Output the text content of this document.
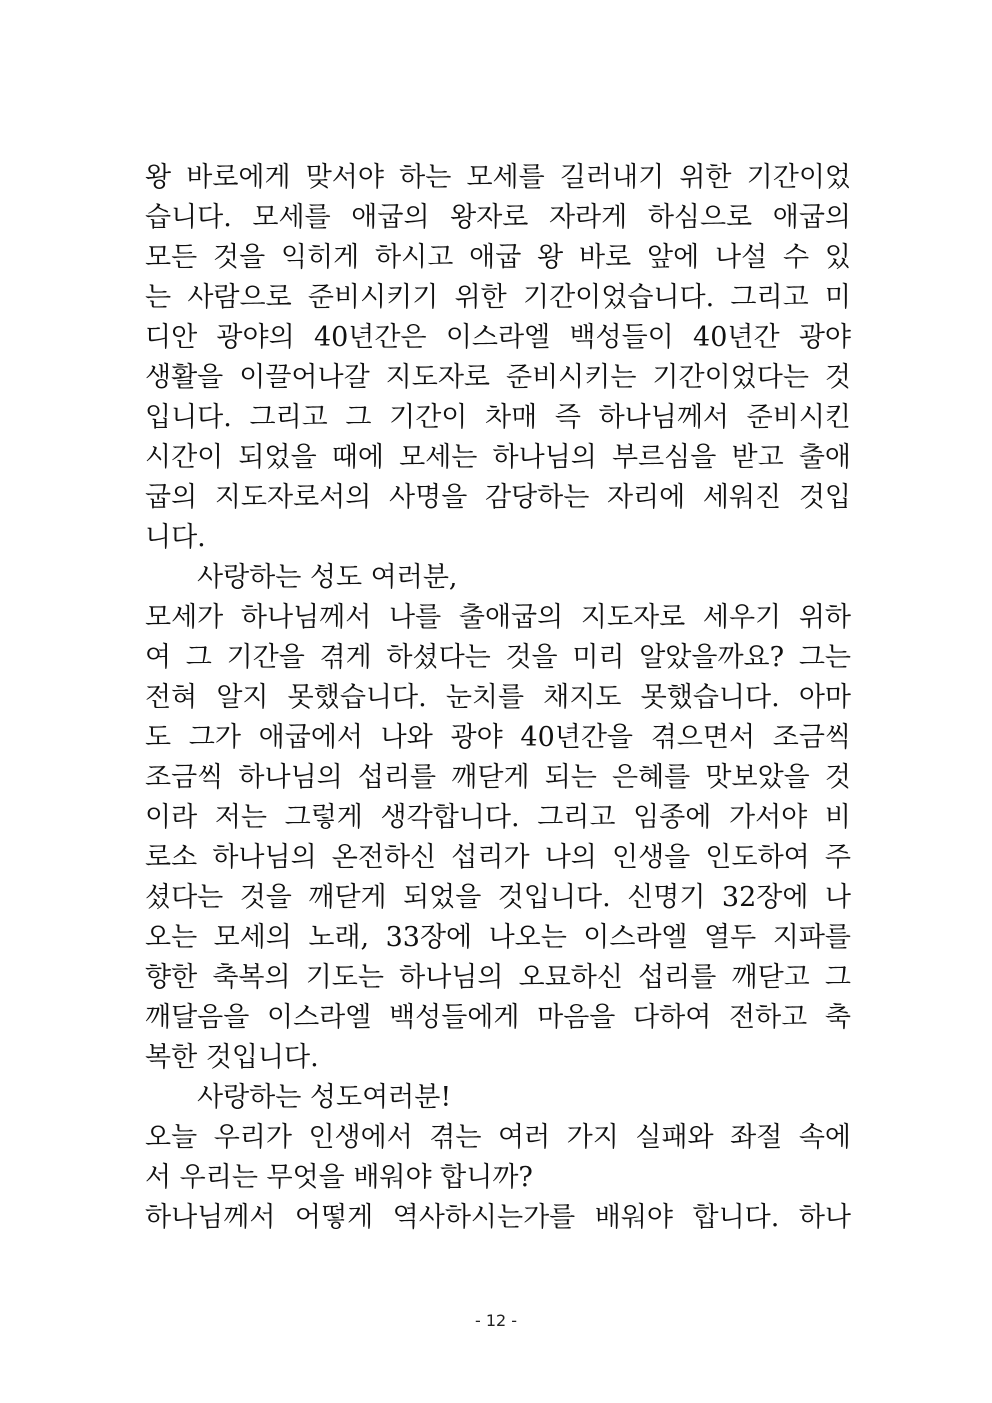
왕 바로에게 맞서야 하는 모세를 길러내기 위한 기간이었
습니다. 모세를 애굽의 왕자로 자라게 하심으로 애굽의
모든 것을 익히게 하시고 애굽 왕 바로 앞에 나설 수 있
는 사람으로 준비시키기 위한 기간이었습니다. 그리고 미
디안 광야의 40년간은 이스라엘 백성들이 40년간 광야
생활을 이끌어나갈 지도자로 준비시키는 기간이었다는 것
입니다. 그리고 그 기간이 차매 즉 하나님께서 준비시킨
시간이 되었을 때에 모세는 하나님의 부르심을 받고 출애
굽의 지도자로서의 사명을 감당하는 자리에 세워진 것입
니다.
사랑하는 성도 여러분,
모세가 하나님께서 나를 출애굽의 지도자로 세우기 위하
여 그 기간을 겪게 하셨다는 것을 미리 알았을까요? 그는
전혀 알지 못했습니다. 눈치를 채지도 못했습니다. 아마
도 그가 애굽에서 나와 광야 40년간을 겪으면서 조금씩
조금씩 하나님의 섭리를 깨닫게 되는 은혜를 맛보았을 것
이라 저는 그렇게 생각합니다. 그리고 임종에 가서야 비
로소 하나님의 온전하신 섭리가 나의 인생을 인도하여 주
셨다는 것을 깨닫게 되었을 것입니다. 신명기 32장에 나
오는 모세의 노래, 33장에 나오는 이스라엘 열두 지파를
향한 축복의 기도는 하나님의 오묘하신 섭리를 깨닫고 그
깨달음을 이스라엘 백성들에게 마음을 다하여 전하고 축
복한 것입니다.
사랑하는 성도여러분!
오늘 우리가 인생에서 겪는 여러 가지 실패와 좌절 속에
서 우리는 무엇을 배워야 합니까?
하나님께서 어떻게 역사하시는가를 배워야 합니다. 하나
- 12 -
